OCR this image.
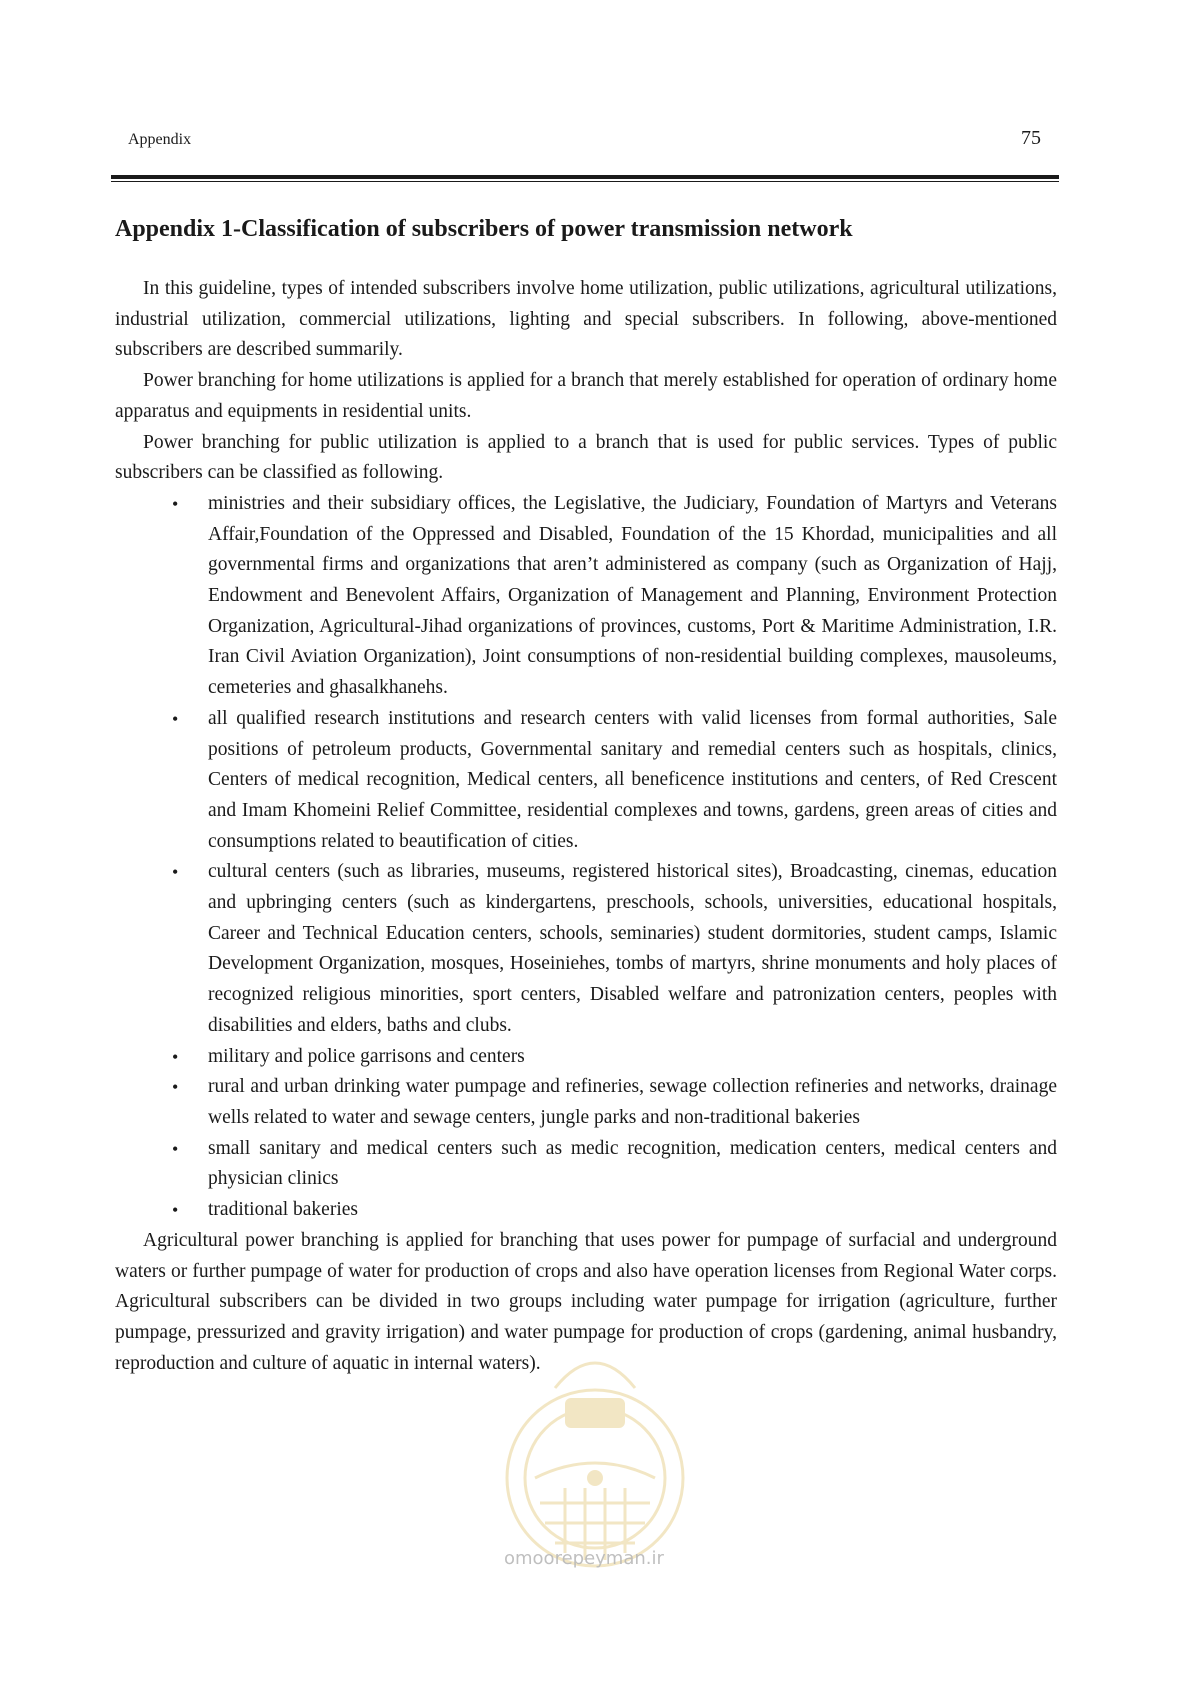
Appendix	75
Appendix 1-Classification of subscribers of power transmission network

In this guideline, types of intended subscribers involve home utilization, public utilizations, agricultural utilizations, industrial utilization, commercial utilizations, lighting and special subscribers. In following, above-mentioned subscribers are described summarily.

Power branching for home utilizations is applied for a branch that merely established for operation of ordinary home apparatus and equipments in residential units.

Power branching for public utilization is applied to a branch that is used for public services. Types of public subscribers can be classified as following.

• ministries and their subsidiary offices, the Legislative, the Judiciary, Foundation of Martyrs and Veterans Affair,Foundation of the Oppressed and Disabled, Foundation of the 15 Khordad, municipalities and all governmental firms and organizations that aren’t administered as company (such as Organization of Hajj, Endowment and Benevolent Affairs, Organization of Management and Planning, Environment Protection Organization, Agricultural-Jihad organizations of provinces, customs, Port & Maritime Administration, I.R. Iran Civil Aviation Organization), Joint consumptions of non-residential building complexes, mausoleums, cemeteries and ghasalkhanehs.
• all qualified research institutions and research centers with valid licenses from formal authorities, Sale positions of petroleum products, Governmental sanitary and remedial centers such as hospitals, clinics, Centers of medical recognition, Medical centers, all beneficence institutions and centers, of Red Crescent and Imam Khomeini Relief Committee, residential complexes and towns, gardens, green areas of cities and consumptions related to beautification of cities.
• cultural centers (such as libraries, museums, registered historical sites), Broadcasting, cinemas, education and upbringing centers (such as kindergartens, preschools, schools, universities, educational hospitals, Career and Technical Education centers, schools, seminaries) student dormitories, student camps, Islamic Development Organization, mosques, Hoseiniehes, tombs of martyrs, shrine monuments and holy places of recognized religious minorities, sport centers, Disabled welfare and patronization centers, peoples with disabilities and elders, baths and clubs.
• military and police garrisons and centers
• rural and urban drinking water pumpage and refineries, sewage collection refineries and networks, drainage wells related to water and sewage centers, jungle parks and non-traditional bakeries
• small sanitary and medical centers such as medic recognition, medication centers, medical centers and physician clinics
• traditional bakeries

Agricultural power branching is applied for branching that uses power for pumpage of surfacial and underground waters or further pumpage of water for production of crops and also have operation licenses from Regional Water corps. Agricultural subscribers can be divided in two groups including water pumpage for irrigation (agriculture, further pumpage, pressurized and gravity irrigation) and water pumpage for production of crops (gardening, animal husbandry, reproduction and culture of aquatic in internal waters).

omoorepeyman.ir
